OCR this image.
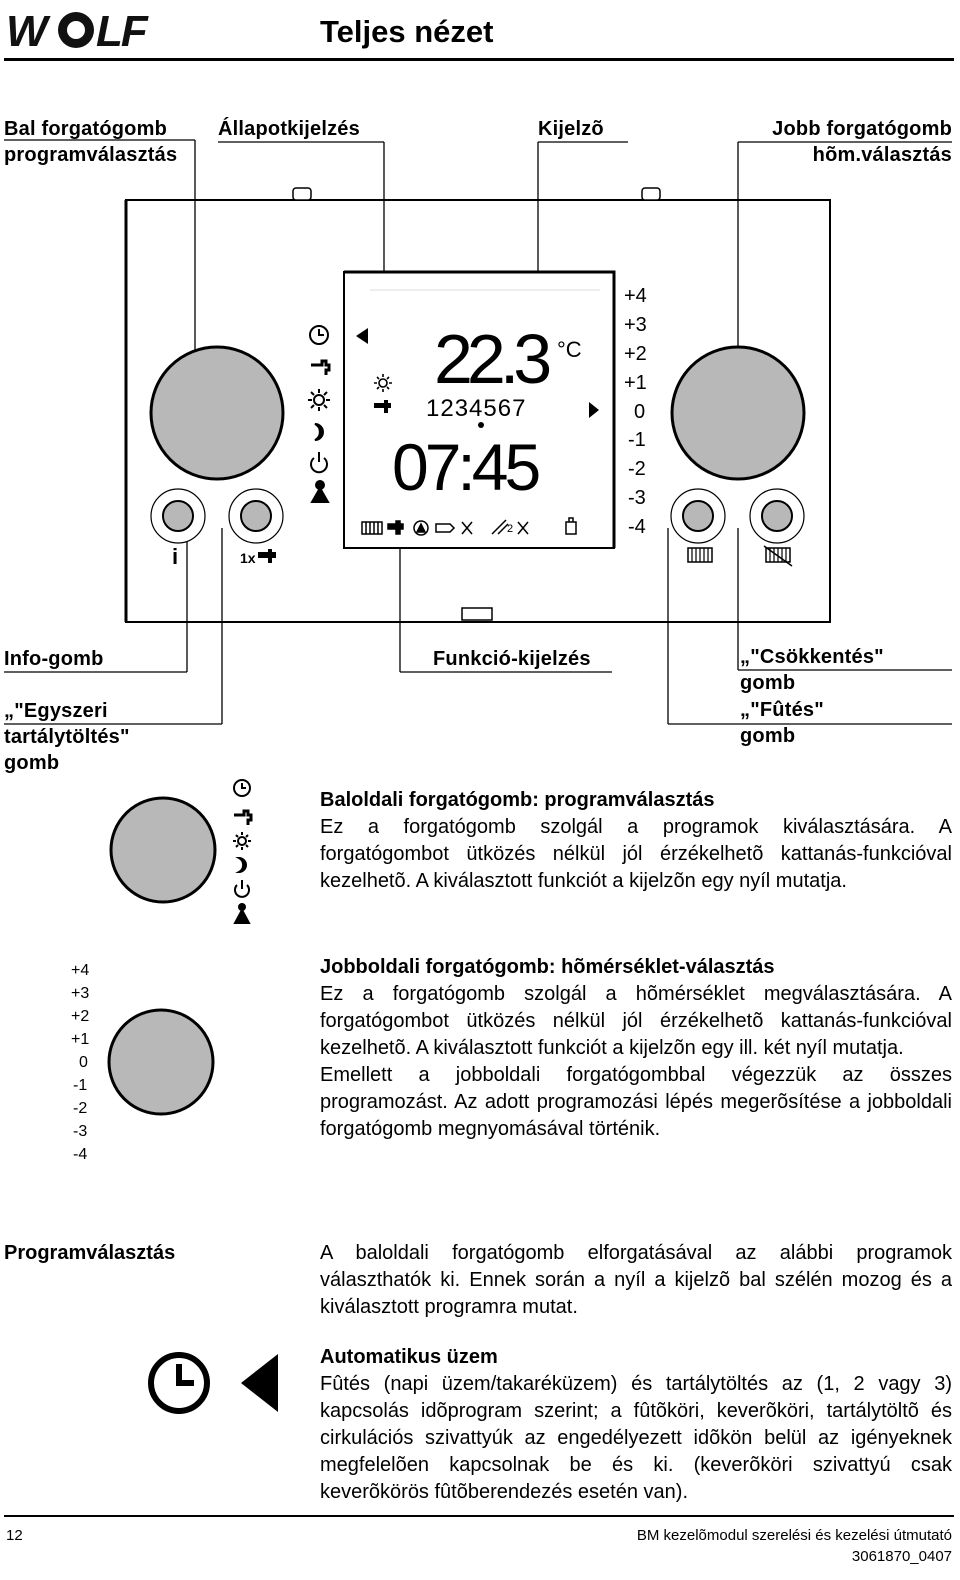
W LF	Teljes nézet
Bal forgatógomb
programválasztás
Állapotkijelzés	Kijelzõ	Jobb forgatógomb
hõm.választás
Info-gomb
„"Egyszeri
tartálytöltés"
gomb
Funkció-kijelzés	„"Csökkentés"
gomb
„"Fûtés"
gomb
i	1x
22.3 °C
1234567
07:45
2
+4
+3
+2
+1
0
-1
-2
-3
-4
Baloldali forgatógomb: programválasztás
Ez a forgatógomb szolgál a programok kiválasztására. A forgatógombot ütközés nélkül jól érzékelhetõ kattanás-funkcióval kezelhetõ. A kiválasztott funkciót a kijelzõn egy nyíl mutatja.
+4
+3
+2
+1
0
-1
-2
-3
-4
Jobboldali forgatógomb: hõmérséklet-választás
Ez a forgatógomb szolgál a hõmérséklet megválasztására. A forgatógombot ütközés nélkül jól érzékelhetõ kattanás-funkcióval kezelhetõ. A kiválasztott funkciót a kijelzõn egy ill. két nyíl mutatja.
Emellett a jobboldali forgatógombbal végezzük az összes programozást. Az adott programozási lépés megerõsítése a jobboldali forgatógomb megnyomásával történik.
Programválasztás	A baloldali forgatógomb elforgatásával az alábbi programok választhatók ki. Ennek során a nyíl a kijelzõ bal szélén mozog és a kiválasztott programra mutat.
Automatikus üzem
Fûtés (napi üzem/takaréküzem) és tartálytöltés az (1, 2 vagy 3) kapcsolás idõprogram szerint; a fûtõköri, keverõköri, tartálytöltõ és cirkulációs szivattyúk az engedélyezett idõkön belül az igényeknek megfelelõen kapcsolnak be és ki. (keverõköri szivattyú csak keverõkörös fûtõberendezés esetén van).
12	BM kezelõmodul szerelési és kezelési útmutató
3061870_0407
